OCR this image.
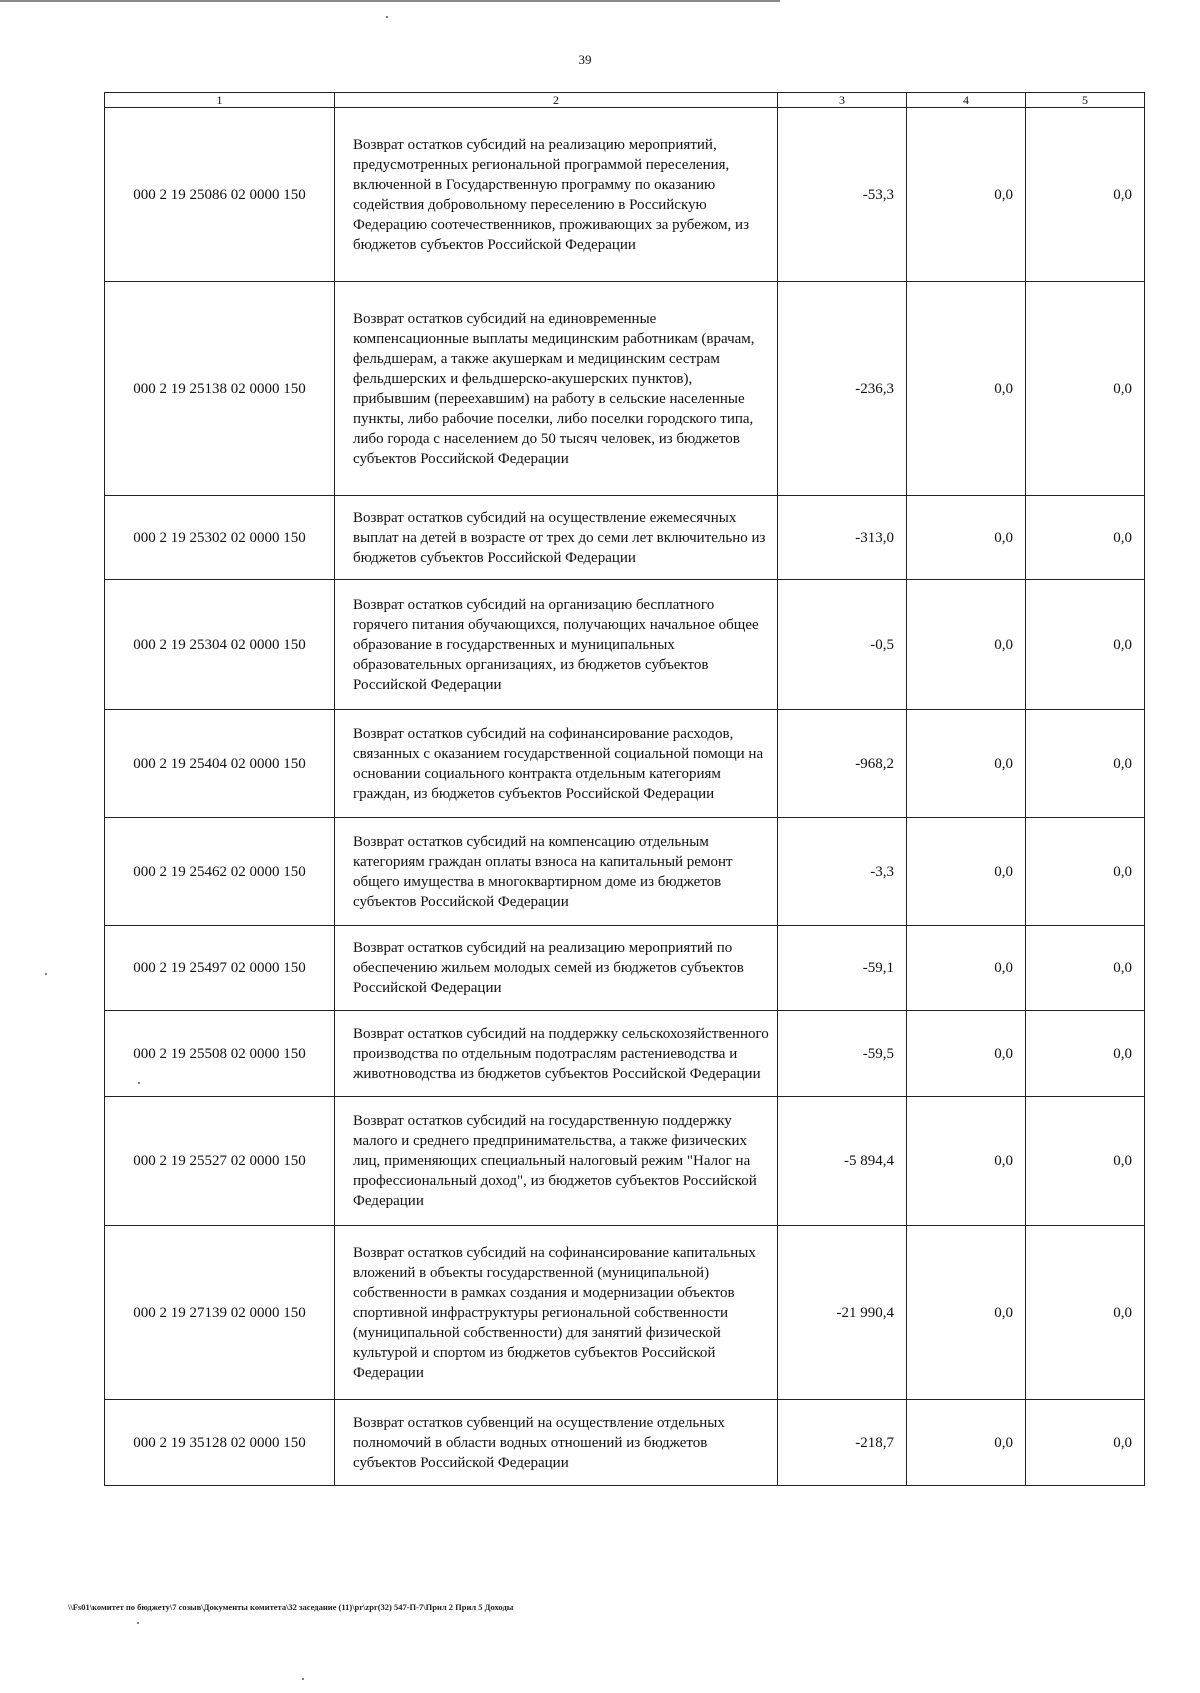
39
1	2	3	4	5
000 2 19 25086 02 0000 150	Возврат остатков субсидий на реализацию мероприятий, предусмотренных региональной программой переселения, включенной в Государственную программу по оказанию содействия добровольному переселению в Российскую Федерацию соотечественников, проживающих за рубежом, из бюджетов субъектов Российской Федерации	-53,3	0,0	0,0
000 2 19 25138 02 0000 150	Возврат остатков субсидий на единовременные компенсационные выплаты медицинским работникам (врачам, фельдшерам, а также акушеркам и медицинским сестрам фельдшерских и фельдшерско-акушерских пунктов), прибывшим (переехавшим) на работу в сельские населенные пункты, либо рабочие поселки, либо поселки городского типа, либо города с населением до 50 тысяч человек, из бюджетов субъектов Российской Федерации	-236,3	0,0	0,0
000 2 19 25302 02 0000 150	Возврат остатков субсидий на осуществление ежемесячных выплат на детей в возрасте от трех до семи лет включительно из бюджетов субъектов Российской Федерации	-313,0	0,0	0,0
000 2 19 25304 02 0000 150	Возврат остатков субсидий на организацию бесплатного горячего питания обучающихся, получающих начальное общее образование в государственных и муниципальных образовательных организациях, из бюджетов субъектов Российской Федерации	-0,5	0,0	0,0
000 2 19 25404 02 0000 150	Возврат остатков субсидий на софинансирование расходов, связанных с оказанием государственной социальной помощи на основании социального контракта отдельным категориям граждан, из бюджетов субъектов Российской Федерации	-968,2	0,0	0,0
000 2 19 25462 02 0000 150	Возврат остатков субсидий на компенсацию отдельным категориям граждан оплаты взноса на капитальный ремонт общего имущества в многоквартирном доме из бюджетов субъектов Российской Федерации	-3,3	0,0	0,0
000 2 19 25497 02 0000 150	Возврат остатков субсидий на реализацию мероприятий по обеспечению жильем молодых семей из бюджетов субъектов Российской Федерации	-59,1	0,0	0,0
000 2 19 25508 02 0000 150	Возврат остатков субсидий на поддержку сельскохозяйственного производства по отдельным подотраслям растениеводства и животноводства из бюджетов субъектов Российской Федерации	-59,5	0,0	0,0
000 2 19 25527 02 0000 150	Возврат остатков субсидий на государственную поддержку малого и среднего предпринимательства, а также физических лиц, применяющих специальный налоговый режим "Налог на профессиональный доход", из бюджетов субъектов Российской Федерации	-5 894,4	0,0	0,0
000 2 19 27139 02 0000 150	Возврат остатков субсидий на софинансирование капитальных вложений в объекты государственной (муниципальной) собственности в рамках создания и модернизации объектов спортивной инфраструктуры региональной собственности (муниципальной собственности) для занятий физической культурой и спортом из бюджетов субъектов Российской Федерации	-21 990,4	0,0	0,0
000 2 19 35128 02 0000 150	Возврат остатков субвенций на осуществление отдельных полномочий в области водных отношений из бюджетов субъектов Российской Федерации	-218,7	0,0	0,0
\\Fs01\комитет по бюджету\7 созыв\Документы комитета\32 заседание (11)\pr\zpr(32) 547-П-7\Прил 2 Прил 5 Доходы
